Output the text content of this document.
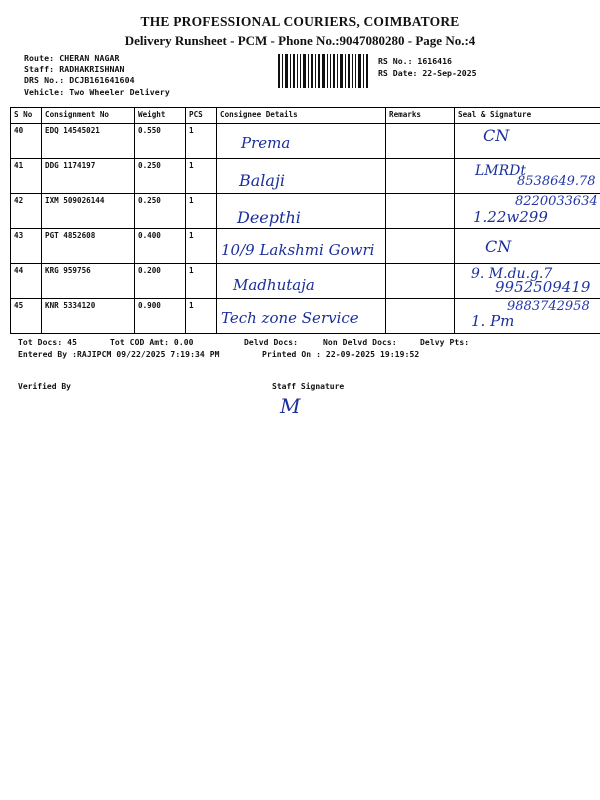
THE PROFESSIONAL COURIERS, COIMBATORE
Delivery Runsheet - PCM - Phone No.:9047080280 - Page No.:4
Route: CHERAN NAGAR
Staff: RADHAKRISHNAN
DRS No.: DCJB161641604
Vehicle: Two Wheeler Delivery
RS No.: 1616416
RS Date: 22-Sep-2025
S No	Consignment No	Weight	PCS	Consignee Details	Remarks	Seal & Signature
40	EDQ 14545021	0.550	1	Prema		CN

41	DDG 1174197	0.250	1	Balaji		LMRDt
8538649.78

42	IXM 509026144	0.250	1	Deepthi		8220033634
1.22w299

43	PGT 4852608	0.400	1	10/9 Lakshmi Gowri		CN

44	KRG 959756	0.200	1	Madhutaja		9. M.du.g.7
9952509419

45	KNR 5334120	0.900	1	Tech zone Service		9883742958
1. Pm
Tot Docs: 45	Tot COD Amt: 0.00	Delvd Docs:	Non Delvd Docs:	Delvy Pts:
Entered By :RAJIPCM 09/22/2025 7:19:34 PM	Printed On : 22-09-2025 19:19:52
Verified By	Staff Signature
M
